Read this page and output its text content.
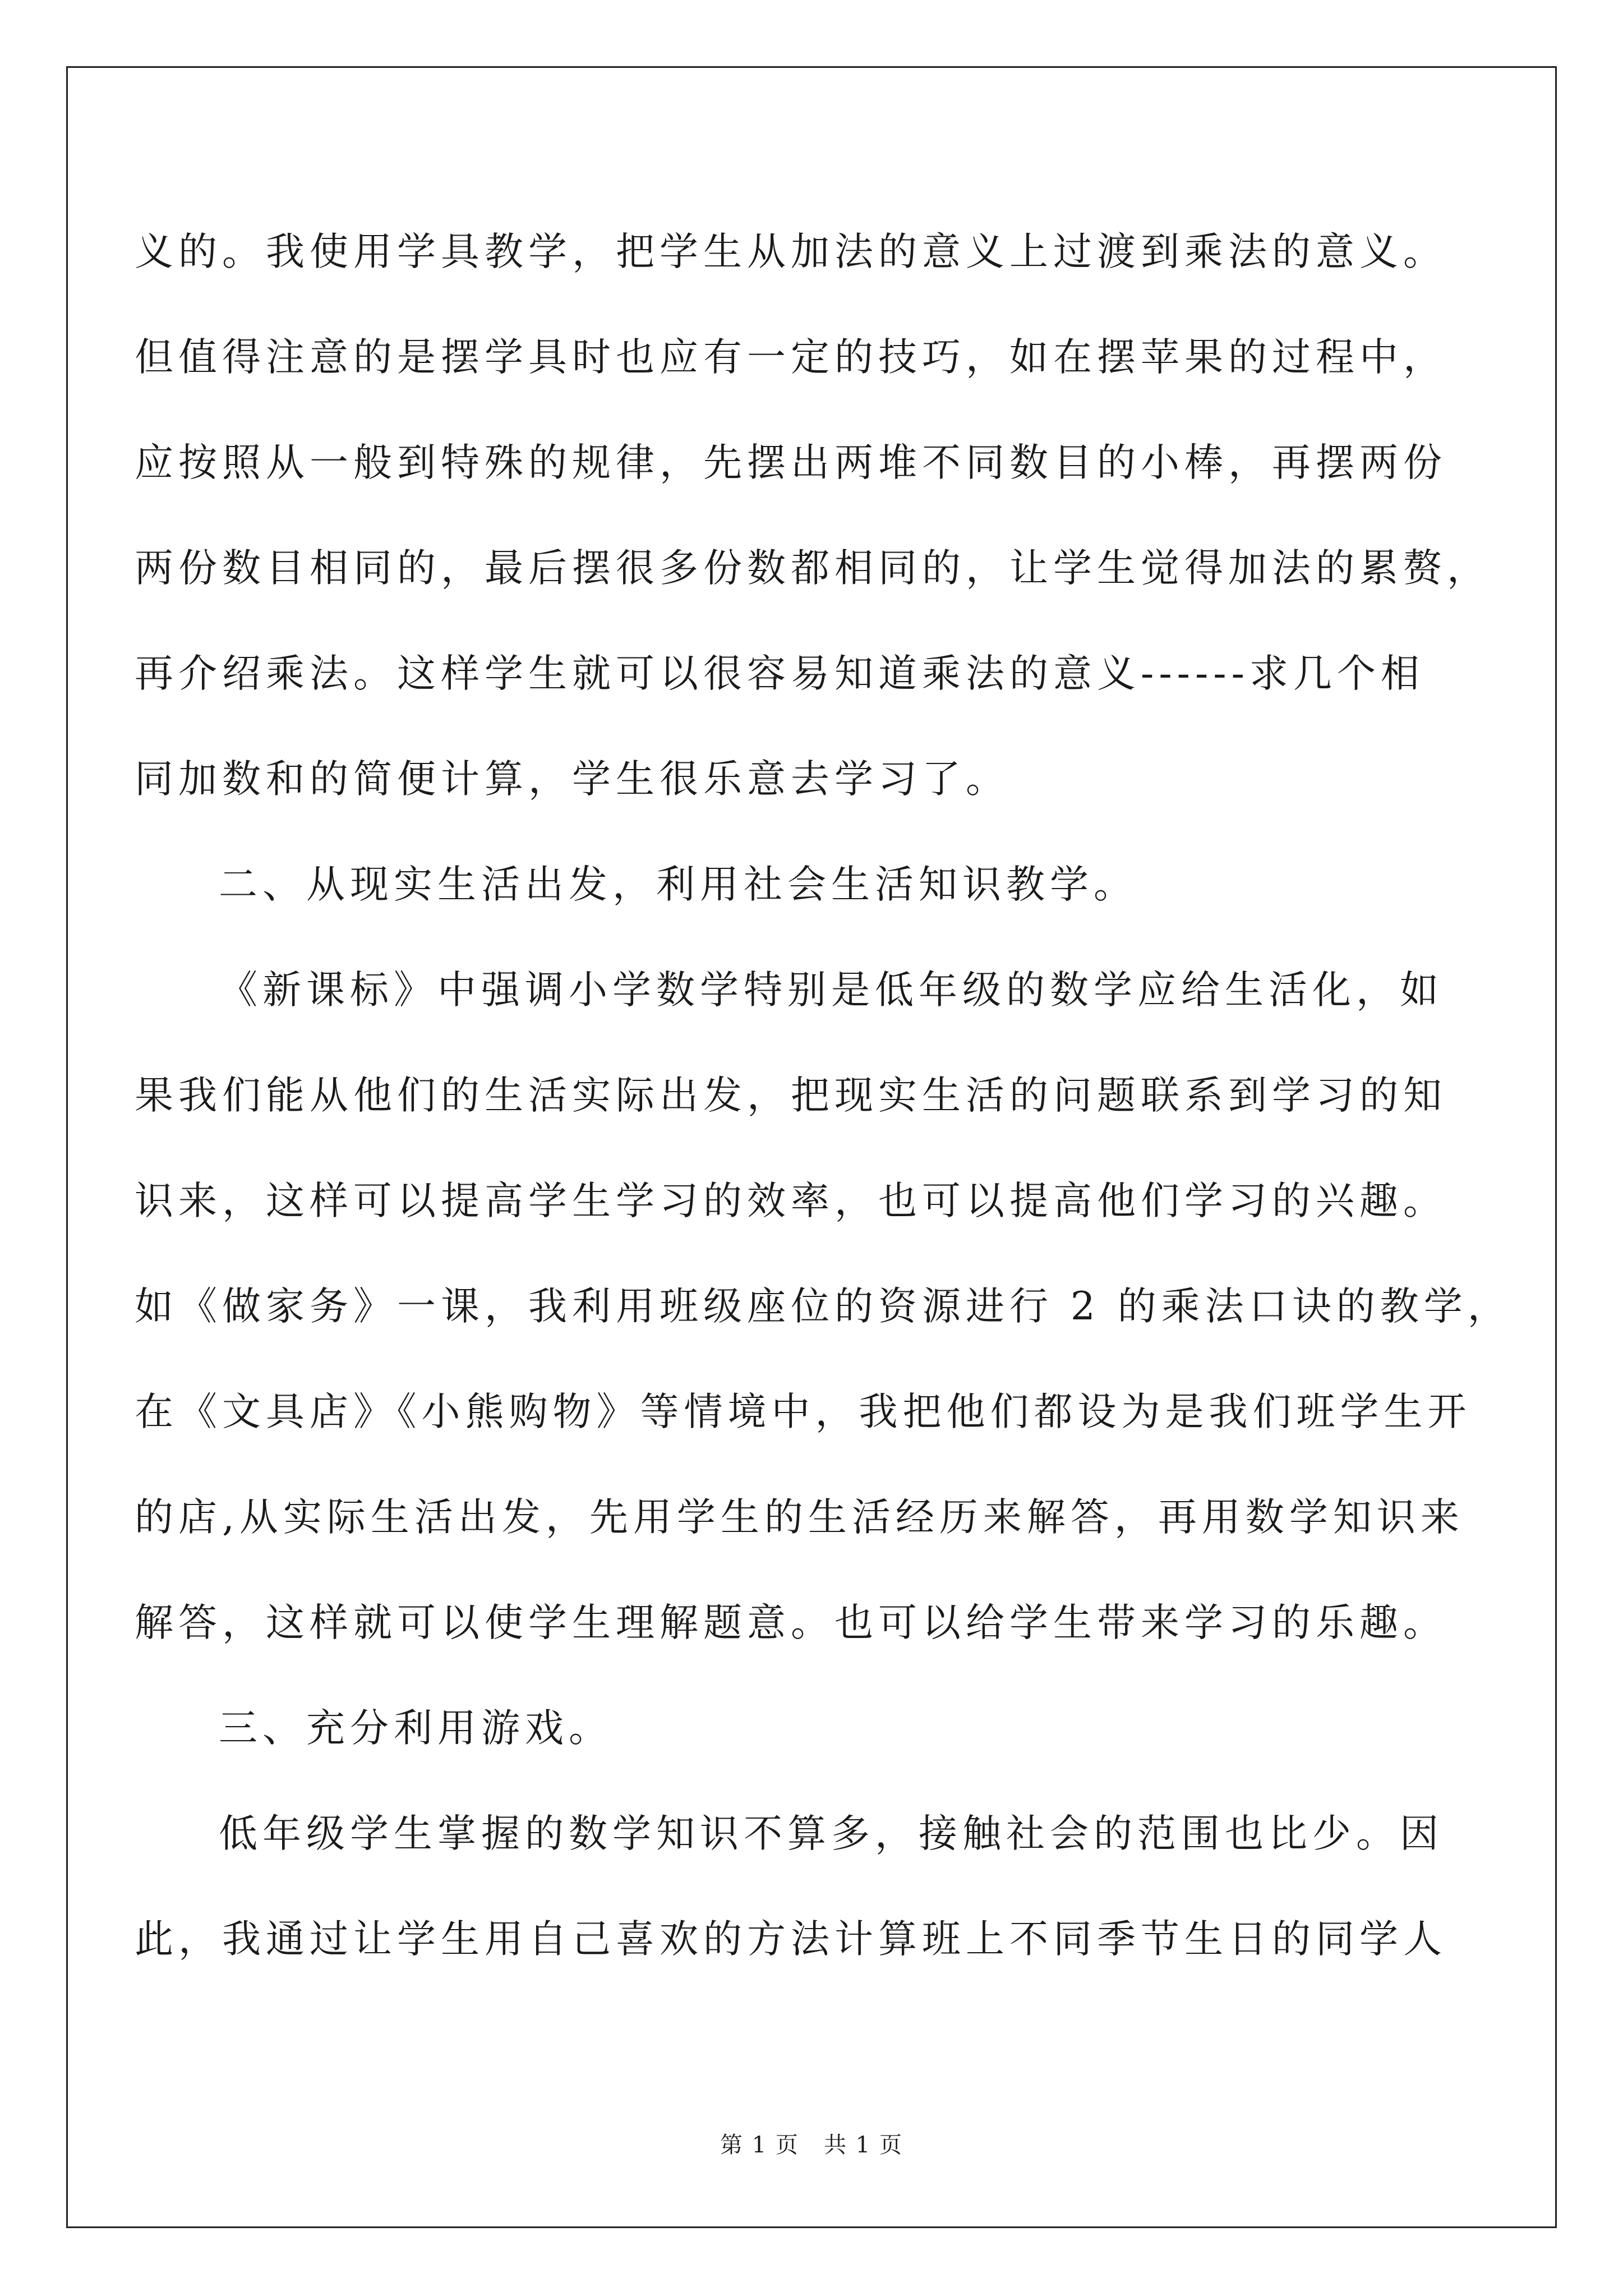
义的。我使用学具教学，把学生从加法的意义上过渡到乘法的意义。
但值得注意的是摆学具时也应有一定的技巧，如在摆苹果的过程中，
应按照从一般到特殊的规律，先摆出两堆不同数目的小棒，再摆两份
两份数目相同的，最后摆很多份数都相同的，让学生觉得加法的累赘，
再介绍乘法。这样学生就可以很容易知道乘法的意义------求几个相
同加数和的简便计算，学生很乐意去学习了。
二、从现实生活出发，利用社会生活知识教学。
《新课标》中强调小学数学特别是低年级的数学应给生活化，如
果我们能从他们的生活实际出发，把现实生活的问题联系到学习的知
识来，这样可以提高学生学习的效率，也可以提高他们学习的兴趣。
如《做家务》一课，我利用班级座位的资源进行 2 的乘法口诀的教学，
在《文具店》《小熊购物》等情境中，我把他们都设为是我们班学生开
的店,从实际生活出发，先用学生的生活经历来解答，再用数学知识来
解答，这样就可以使学生理解题意。也可以给学生带来学习的乐趣。
三、充分利用游戏。
低年级学生掌握的数学知识不算多，接触社会的范围也比少。因
此，我通过让学生用自己喜欢的方法计算班上不同季节生日的同学人
第 1 页   共 1 页
